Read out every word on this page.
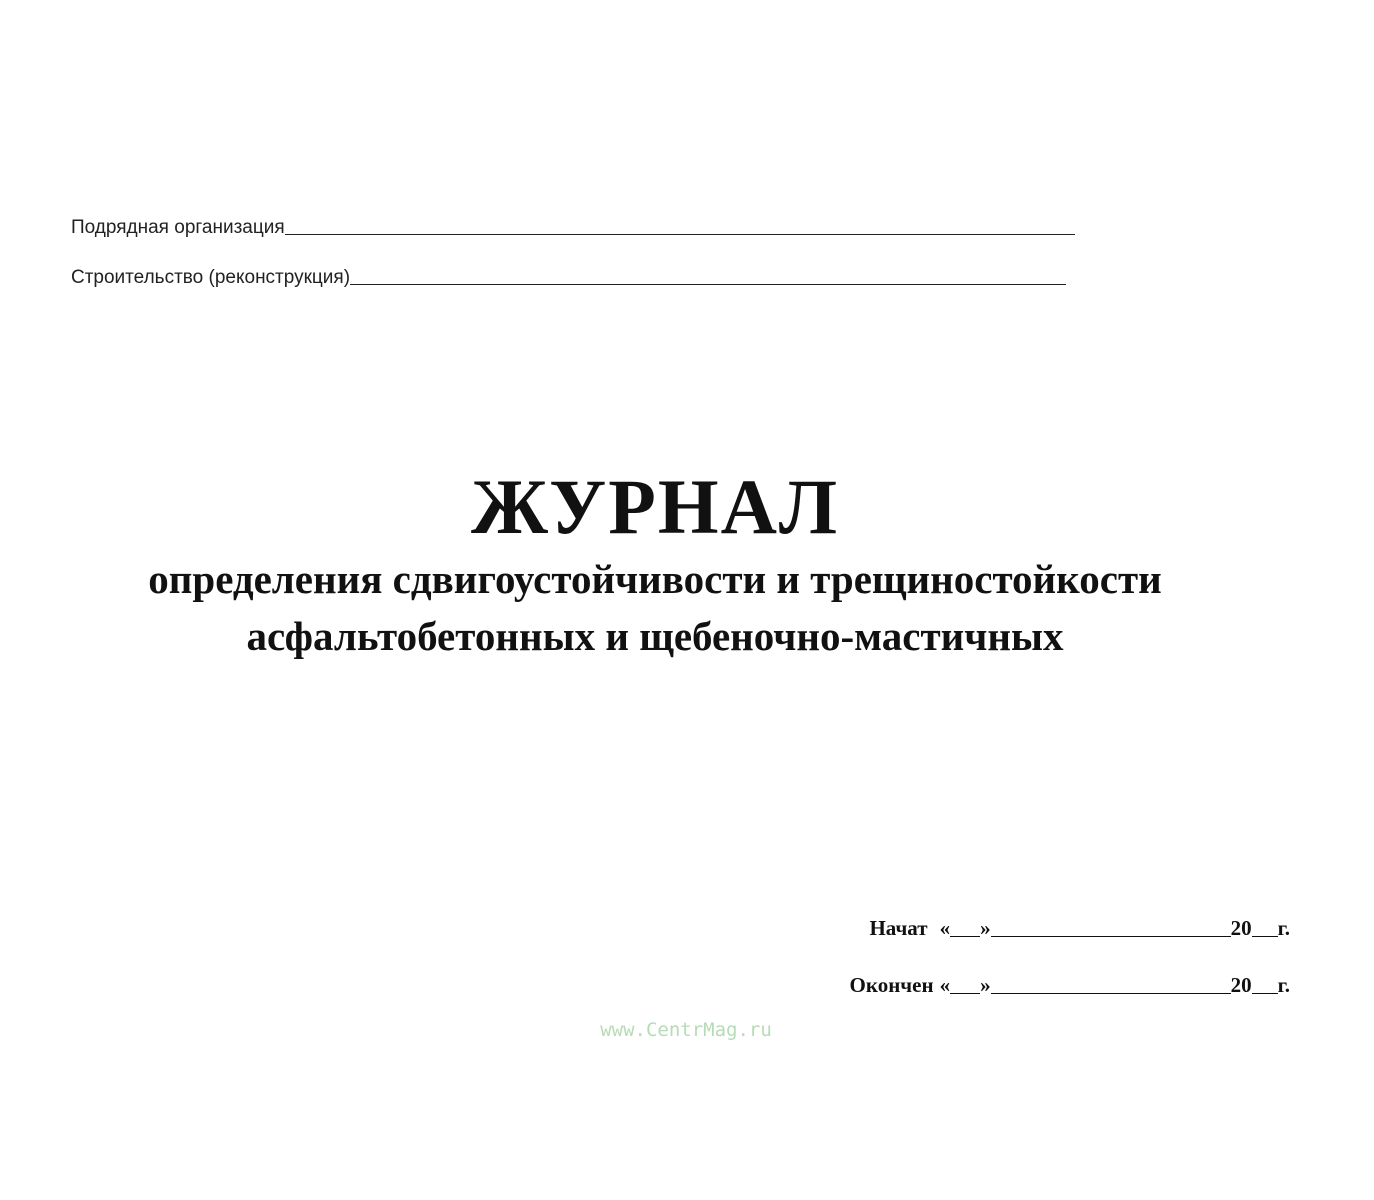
Подрядная организация
Строительство (реконструкция)
ЖУРНАЛ
определения сдвигоустойчивости и трещиностойкости
асфальтобетонных и щебеночно-мастичных
Начат « »	20 г.
Окончен « »	20 г.
www.CentrMag.ru
